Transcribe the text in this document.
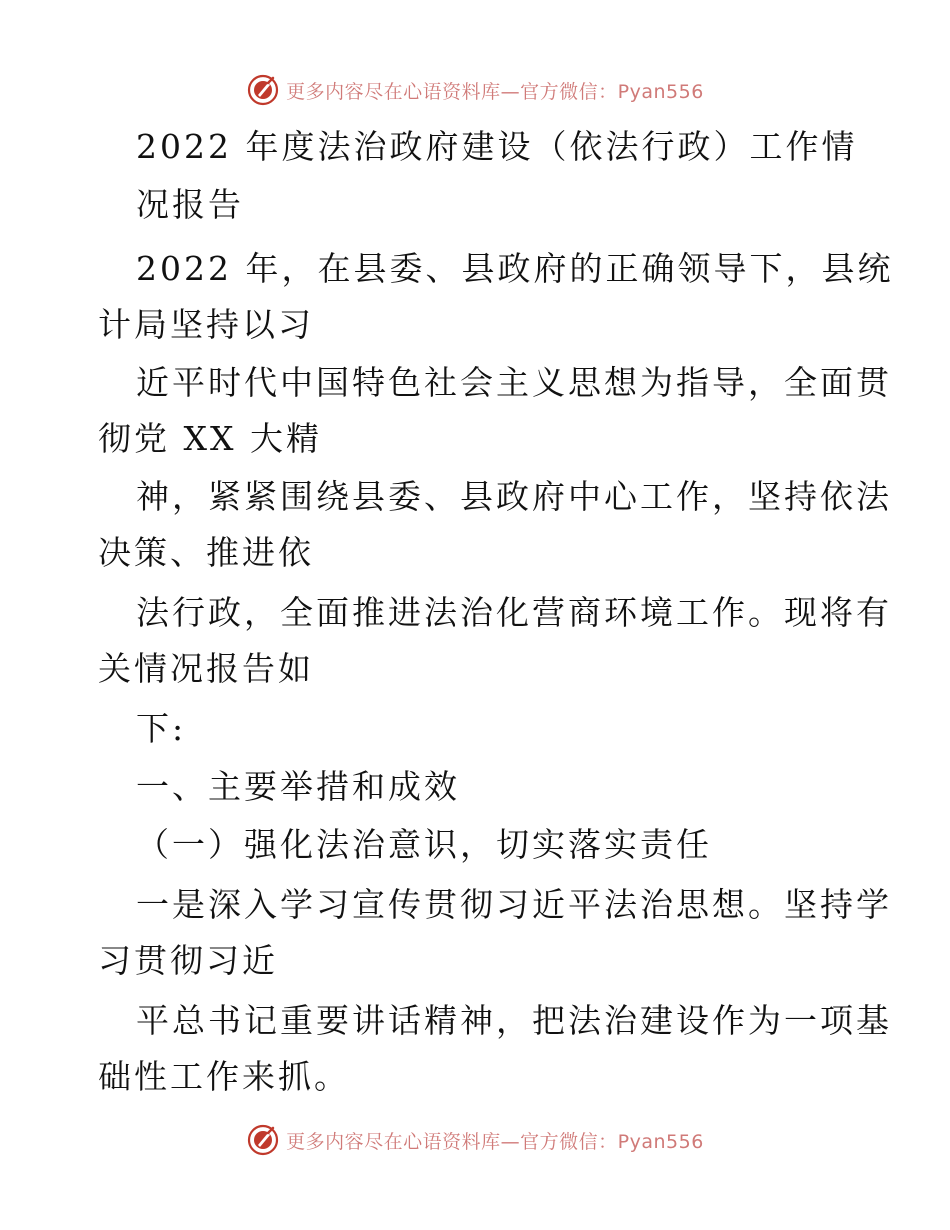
更多内容尽在心语资料库—官方微信：Pyan556
2022 年度法治政府建设（依法行政）工作情
况报告
2022 年，在县委、县政府的正确领导下，县统
计局坚持以习
近平时代中国特色社会主义思想为指导，全面贯
彻党 XX 大精
神，紧紧围绕县委、县政府中心工作，坚持依法
决策、推进依
法行政，全面推进法治化营商环境工作。现将有
关情况报告如
下:
一、主要举措和成效
（一）强化法治意识，切实落实责任
一是深入学习宣传贯彻习近平法治思想。坚持学
习贯彻习近
平总书记重要讲话精神，把法治建设作为一项基
础性工作来抓。
更多内容尽在心语资料库—官方微信：Pyan556
